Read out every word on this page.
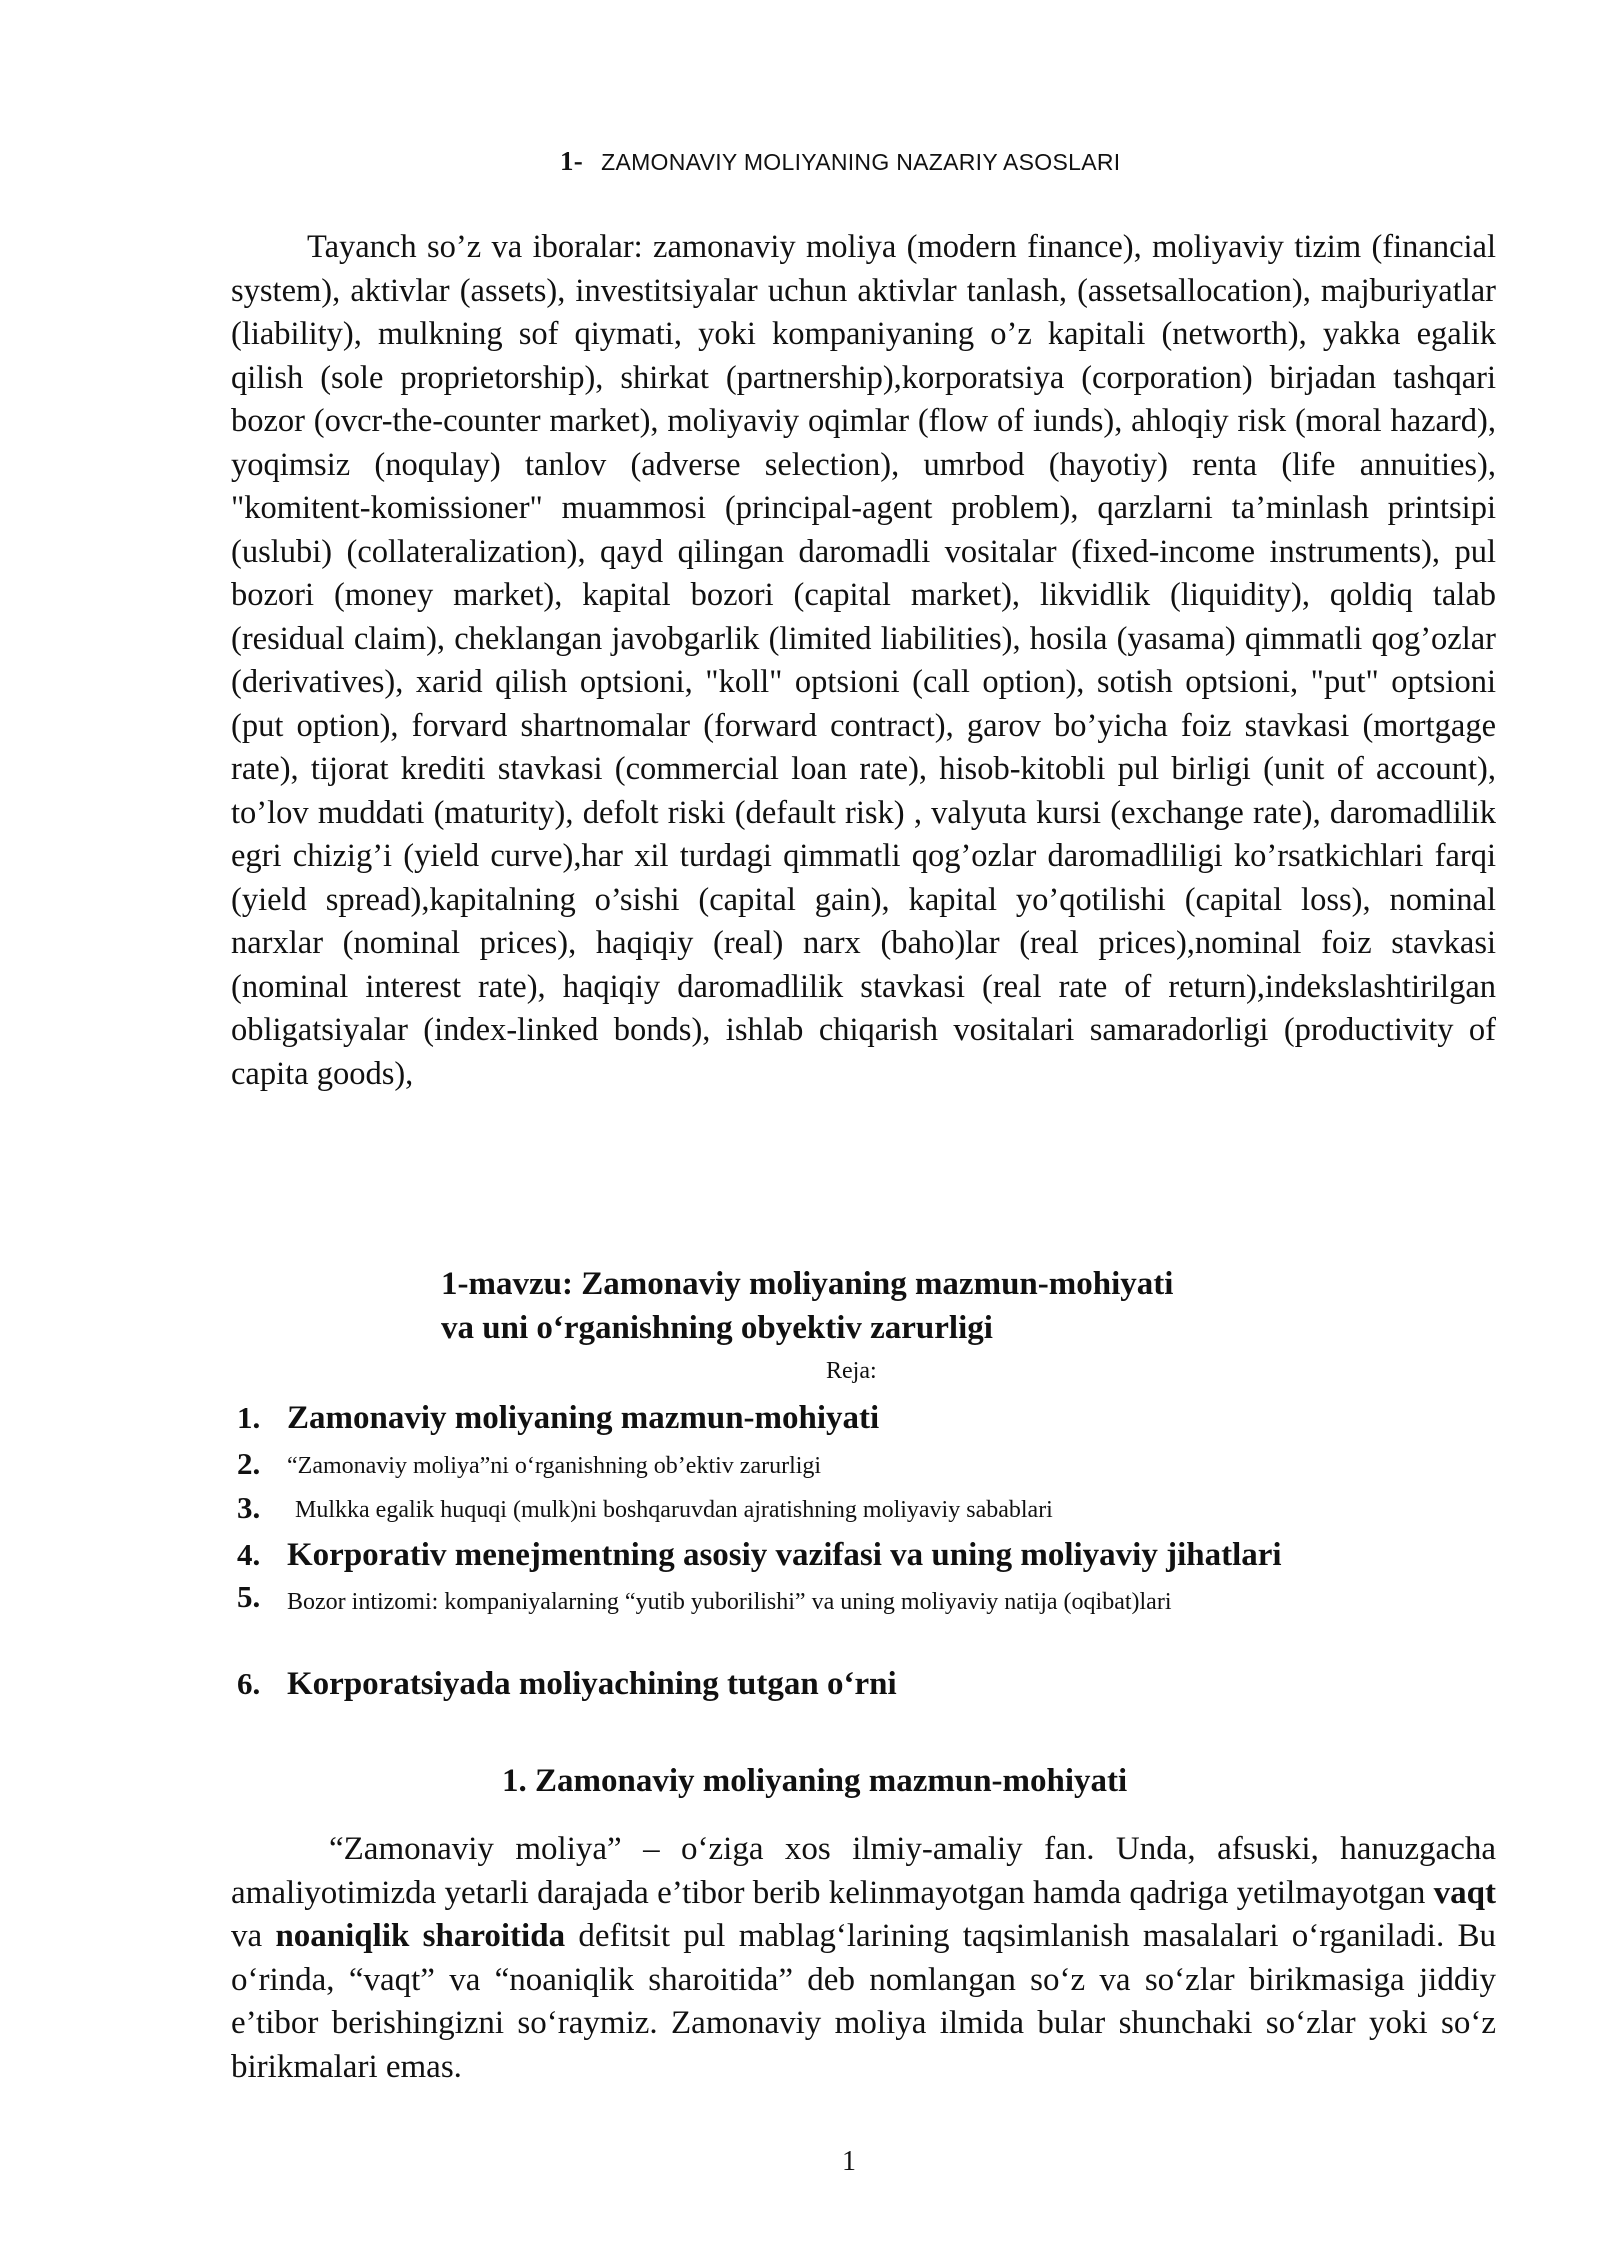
1- ZAMONAVIY MOLIYANING NAZARIY ASOSLARI

Tayanch so’z va iboralar: zamonaviy moliya (modern finance), moliyaviy tizim (financial system), aktivlar (assets), investitsiyalar uchun aktivlar tanlash, (assetsallocation), majburiyatlar (liability), mulkning sof qiymati, yoki kompaniyaning o’z kapitali (networth), yakka egalik qilish (sole proprietorship), shirkat (partnership),korporatsiya (corporation) birjadan tashqari bozor (ovcr-the-counter market), moliyaviy oqimlar (flow of iunds), ahloqiy risk (moral hazard), yoqimsiz (noqulay) tanlov (adverse selection), umrbod (hayotiy) renta (life annuities), "komitent-komissioner" muammosi (principal-agent problem), qarzlarni ta’minlash printsipi (uslubi) (collateralization), qayd qilingan daromadli vositalar (fixed-income instruments), pul bozori (money market), kapital bozori (capital market), likvidlik (liquidity), qoldiq talab (residual claim), cheklangan javobgarlik (limited liabilities), hosila (yasama) qimmatli qog’ozlar (derivatives), xarid qilish optsioni, "koll" optsioni (call option), sotish optsioni, "put" optsioni (put option), forvard shartnomalar (forward contract), garov bo’yicha foiz stavkasi (mortgage rate), tijorat krediti stavkasi (commercial loan rate), hisob-kitobli pul birligi (unit of account), to’lov muddati (maturity), defolt riski (default risk) , valyuta kursi (exchange rate), daromadlilik egri chizig’i (yield curve),har xil turdagi qimmatli qog’ozlar daromadliligi ko’rsatkichlari farqi (yield spread),kapitalning o’sishi (capital gain), kapital yo’qotilishi (capital loss), nominal narxlar (nominal prices), haqiqiy (real) narx (baho)lar (real prices),nominal foiz stavkasi (nominal interest rate), haqiqiy daromadlilik stavkasi (real rate of return),indekslashtirilgan obligatsiyalar (index-linked bonds), ishlab chiqarish vositalari samaradorligi (productivity of capita goods),

1-mavzu: Zamonaviy moliyaning mazmun-mohiyati
va uni o‘rganishning obyektiv zarurligi
Reja:
1. Zamonaviy moliyaning mazmun-mohiyati
2. “Zamonaviy moliya”ni o‘rganishning ob’ektiv zarurligi
3. Mulkka egalik huquqi (mulk)ni boshqaruvdan ajratishning moliyaviy sabablari
4. Korporativ menejmentning asosiy vazifasi va uning moliyaviy jihatlari
5. Bozor intizomi: kompaniyalarning “yutib yuborilishi” va uning moliyaviy natija (oqibat)lari
6. Korporatsiyada moliyachining tutgan o‘rni
1. Zamonaviy moliyaning mazmun-mohiyati

“Zamonaviy moliya” – o‘ziga xos ilmiy-amaliy fan. Unda, afsuski, hanuzgacha amaliyotimizda yetarli darajada e’tibor berib kelinmayotgan hamda qadriga yetilmayotgan vaqt va noaniqlik sharoitida defitsit pul mablag‘larining taqsimlanish masalalari o‘rganiladi. Bu o‘rinda, “vaqt” va “noaniqlik sharoitida” deb nomlangan so‘z va so‘zlar birikmasiga jiddiy e’tibor berishingizni so‘raymiz. Zamonaviy moliya ilmida bular shunchaki so‘zlar yoki so‘z birikmalari emas.

1
